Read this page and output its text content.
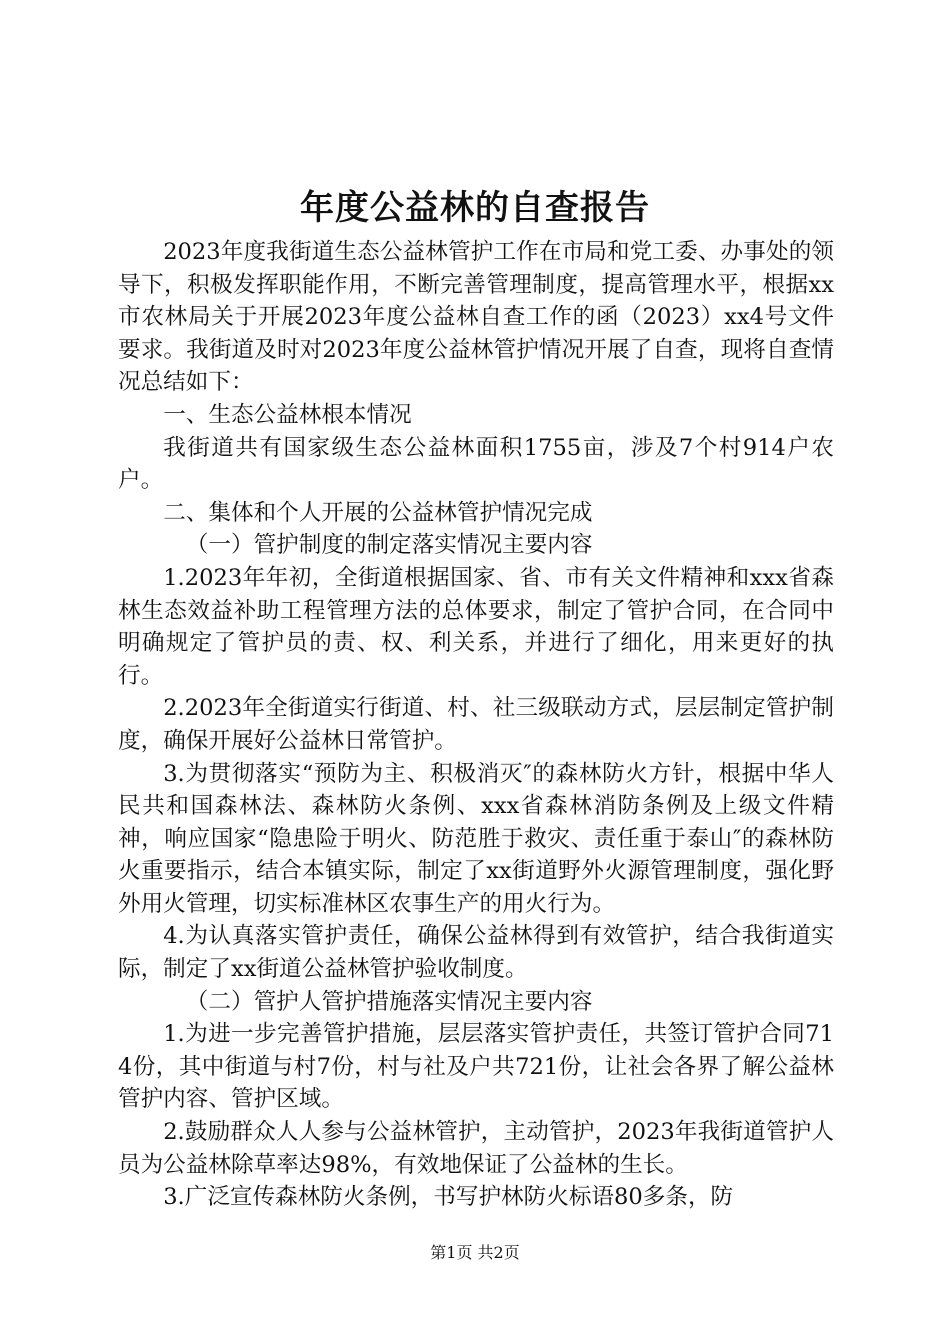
年度公益林的自查报告

2023年度我街道生态公益林管护工作在市局和党工委、办事处的领导下，积极发挥职能作用，不断完善管理制度，提高管理水平，根据xx市农林局关于开展2023年度公益林自查工作的函（2023）xx4号文件要求。我街道及时对2023年度公益林管护情况开展了自查，现将自查情况总结如下：

一、生态公益林根本情况

我街道共有国家级生态公益林面积1755亩，涉及7个村914户农户。

二、集体和个人开展的公益林管护情况完成

（一）管护制度的制定落实情况主要内容

1.2023年年初，全街道根据国家、省、市有关文件精神和xxx省森林生态效益补助工程管理方法的总体要求，制定了管护合同，在合同中明确规定了管护员的责、权、利关系，并进行了细化，用来更好的执行。

2.2023年全街道实行街道、村、社三级联动方式，层层制定管护制度，确保开展好公益林日常管护。

3.为贯彻落实“预防为主、积极消灭″的森林防火方针，根据中华人民共和国森林法、森林防火条例、xxx省森林消防条例及上级文件精神，响应国家“隐患险于明火、防范胜于救灾、责任重于泰山″的森林防火重要指示，结合本镇实际，制定了xx街道野外火源管理制度，强化野外用火管理，切实标准林区农事生产的用火行为。

4.为认真落实管护责任，确保公益林得到有效管护，结合我街道实际，制定了xx街道公益林管护验收制度。

（二）管护人管护措施落实情况主要内容

1.为进一步完善管护措施，层层落实管护责任，共签订管护合同714份，其中街道与村7份，村与社及户共721份，让社会各界了解公益林管护内容、管护区域。

2.鼓励群众人人参与公益林管护，主动管护，2023年我街道管护人员为公益林除草率达98%，有效地保证了公益林的生长。

3.广泛宣传森林防火条例，书写护林防火标语80多条，防

第1页 共2页
